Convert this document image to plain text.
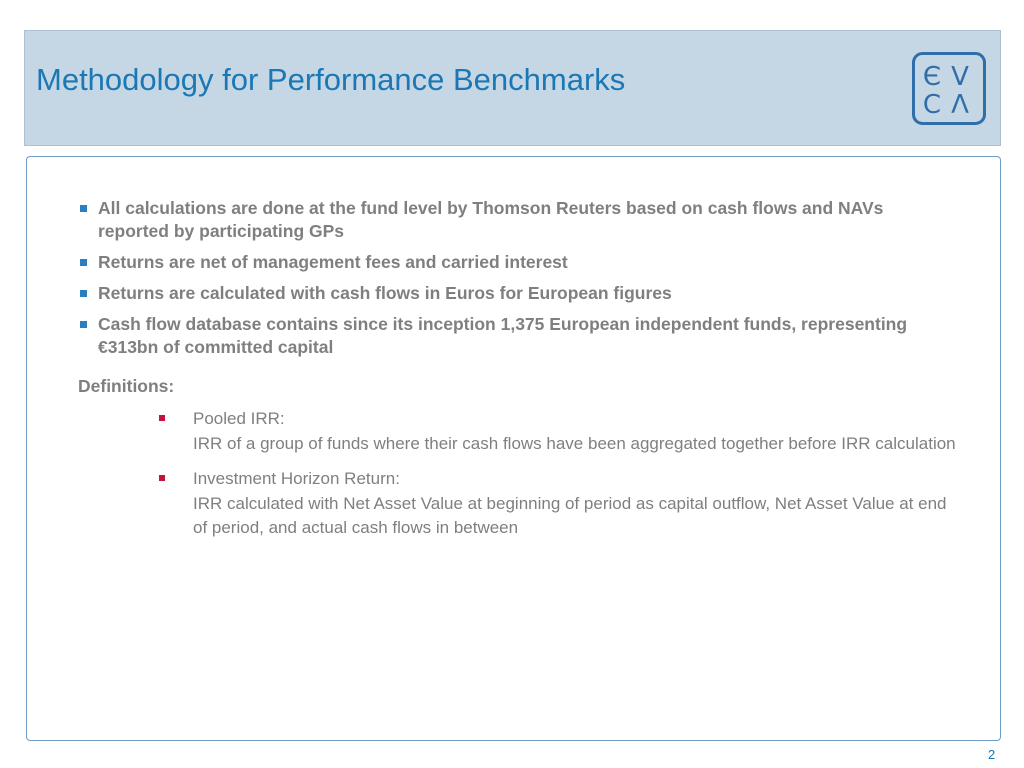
Methodology for Performance Benchmarks	Є V
C Λ
All calculations are done at the fund level by Thomson Reuters based on cash flows and NAVs reported by participating GPs
Returns are net of management fees and carried interest
Returns are calculated with cash flows in Euros for European figures
Cash flow database contains since its inception 1,375 European independent funds, representing €313bn of committed capital
Definitions:
Pooled IRR:
IRR of a group of funds where their cash flows have been aggregated together before IRR calculation
Investment Horizon Return:
IRR calculated with Net Asset Value at beginning of period as capital outflow, Net Asset Value at end of period, and actual cash flows in between
2
